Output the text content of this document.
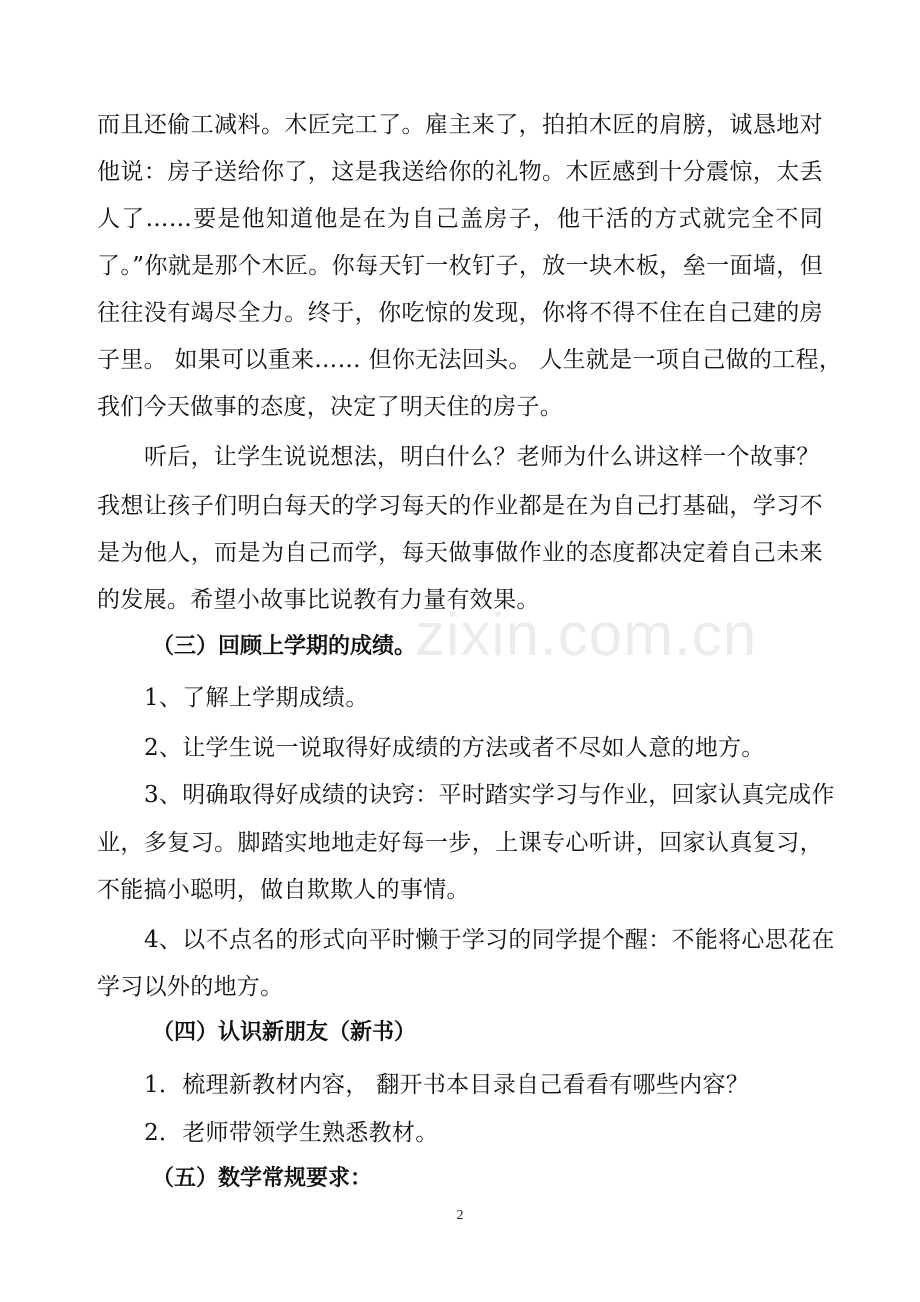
而且还偷工减料。木匠完工了。雇主来了，拍拍木匠的肩膀，诚恳地对
他说：房子送给你了，这是我送给你的礼物。木匠感到十分震惊，太丢
人了……要是他知道他是在为自己盖房子，他干活的方式就完全不同
了。”你就是那个木匠。你每天钉一枚钉子，放一块木板，垒一面墙，但
往往没有竭尽全力。终于，你吃惊的发现，你将不得不住在自己建的房
子里。 如果可以重来…… 但你无法回头。 人生就是一项自己做的工程，
我们今天做事的态度，决定了明天住的房子。
听后，让学生说说想法，明白什么？老师为什么讲这样一个故事？
我想让孩子们明白每天的学习每天的作业都是在为自己打基础，学习不
是为他人，而是为自己而学，每天做事做作业的态度都决定着自己未来
的发展。希望小故事比说教有力量有效果。
zixin.com.cn
（三）回顾上学期的成绩。
1、了解上学期成绩。
2、让学生说一说取得好成绩的方法或者不尽如人意的地方。
3、明确取得好成绩的诀窍：平时踏实学习与作业，回家认真完成作
业，多复习。脚踏实地地走好每一步，上课专心听讲，回家认真复习，
不能搞小聪明，做自欺欺人的事情。
4、以不点名的形式向平时懒于学习的同学提个醒：不能将心思花在
学习以外的地方。
（四）认识新朋友（新书）
1．梳理新教材内容， 翻开书本目录自己看看有哪些内容？
2．老师带领学生熟悉教材。
（五）数学常规要求：
2
